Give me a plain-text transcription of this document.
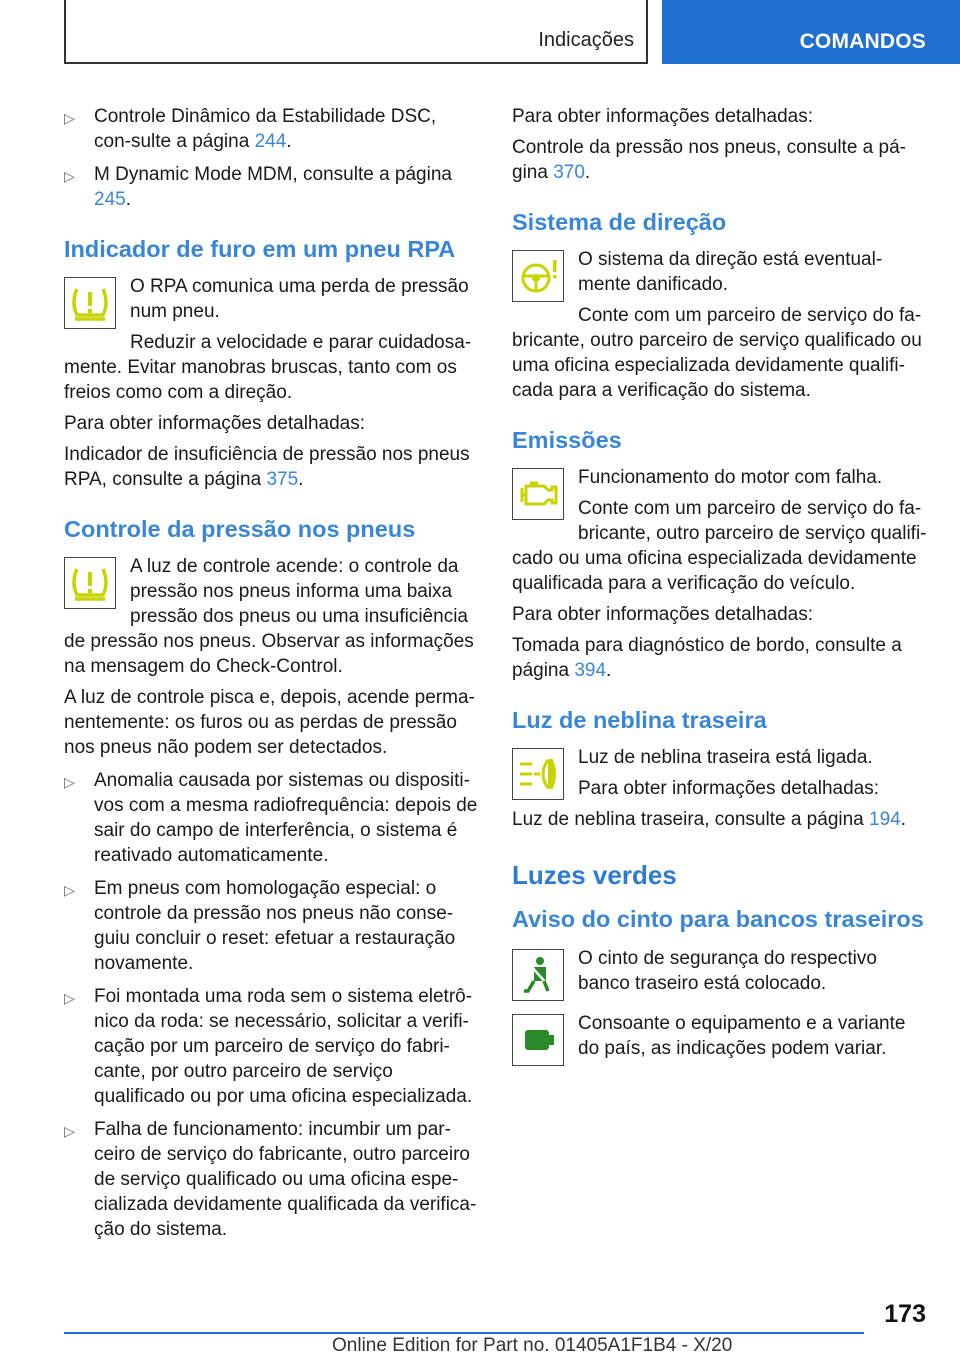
Indicações	COMANDOS
▷	Controle Dinâmico da Estabilidade DSC, con-sulte a página 244.
▷	M Dynamic Mode MDM, consulte a página 245.
Indicador de furo em um pneu RPA

O RPA comunica uma perda de pressão num pneu.

Reduzir a velocidade e parar cuidadosa-mente. Evitar manobras bruscas, tanto com os freios como com a direção.

Para obter informações detalhadas:

Indicador de insuficiência de pressão nos pneus RPA, consulte a página 375.

Controle da pressão nos pneus

A luz de controle acende: o controle da pressão nos pneus informa uma baixa pressão dos pneus ou uma insuficiência de pressão nos pneus. Observar as informações na mensagem do Check-Control.

A luz de controle pisca e, depois, acende perma-nentemente: os furos ou as perdas de pressão nos pneus não podem ser detectados.

▷	Anomalia causada por sistemas ou dispositi-vos com a mesma radiofrequência: depois de sair do campo de interferência, o sistema é reativado automaticamente.
▷	Em pneus com homologação especial: o controle da pressão nos pneus não conse-guiu concluir o reset: efetuar a restauração novamente.
▷	Foi montada uma roda sem o sistema eletrô-nico da roda: se necessário, solicitar a verifi-cação por um parceiro de serviço do fabri-cante, por outro parceiro de serviço qualificado ou por uma oficina especializada.
▷	Falha de funcionamento: incumbir um par-ceiro de serviço do fabricante, outro parceiro de serviço qualificado ou uma oficina espe-cializada devidamente qualificada da verifica-ção do sistema.

Para obter informações detalhadas:

Controle da pressão nos pneus, consulte a pá-gina 370.

Sistema de direção

O sistema da direção está eventual-mente danificado.

Conte com um parceiro de serviço do fa-bricante, outro parceiro de serviço qualificado ou uma oficina especializada devidamente qualifi-cada para a verificação do sistema.

Emissões

Funcionamento do motor com falha.

Conte com um parceiro de serviço do fa-bricante, outro parceiro de serviço qualifi-cado ou uma oficina especializada devidamente qualificada para a verificação do veículo.

Para obter informações detalhadas:

Tomada para diagnóstico de bordo, consulte a página 394.

Luz de neblina traseira

Luz de neblina traseira está ligada.

Para obter informações detalhadas:

Luz de neblina traseira, consulte a página 194.

Luzes verdes
Aviso do cinto para bancos traseiros

O cinto de segurança do respectivo banco traseiro está colocado.

Consoante o equipamento e a variante do país, as indicações podem variar.

173
Online Edition for Part no. 01405A1F1B4 - X/20
